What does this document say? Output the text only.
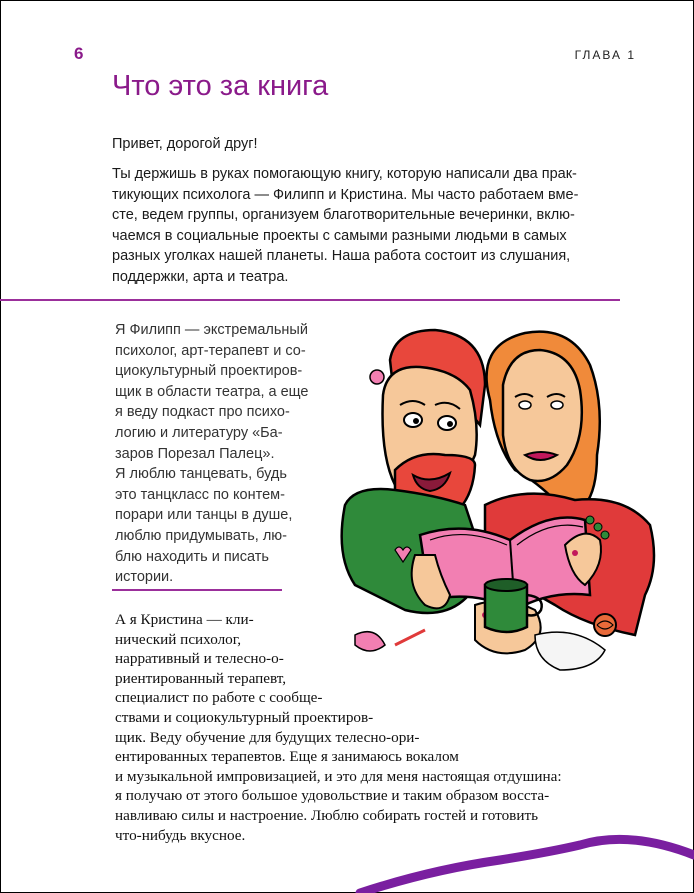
6	ГЛАВА 1
Что это за книга
Привет, дорогой друг!
Ты держишь в руках помогающую книгу, которую написали два прак-
тикующих психолога — Филипп и Кристина. Мы часто работаем вме-
сте, ведем группы, организуем благотворительные вечеринки, вклю-
чаемся в социальные проекты с самыми разными людьми в самых
разных уголках нашей планеты. Наша работа состоит из слушания,
поддержки, арта и театра.
Я Филипп — экстремальный
психолог, арт-терапевт и со-
циокультурный проектиров-
щик в области театра, а еще
я веду подкаст про психо-
логию и литературу «Ба-
заров Порезал Палец».
Я люблю танцевать, будь
это танцкласс по контем-
порари или танцы в душе,
люблю придумывать, лю-
блю находить и писать
истории.
А я Кристина — кли-
нический психолог,
нарративный и телесно-о-
риентированный терапевт,
специалист по работе с сообще-
ствами и социокультурный проектиров-
щик. Веду обучение для будущих телесно-ори-
ентированных терапевтов. Еще я занимаюсь вокалом
и музыкальной импровизацией, и это для меня настоящая отдушина:
я получаю от этого большое удовольствие и таким образом восста-
навливаю силы и настроение. Люблю собирать гостей и готовить
что-нибудь вкусное.
